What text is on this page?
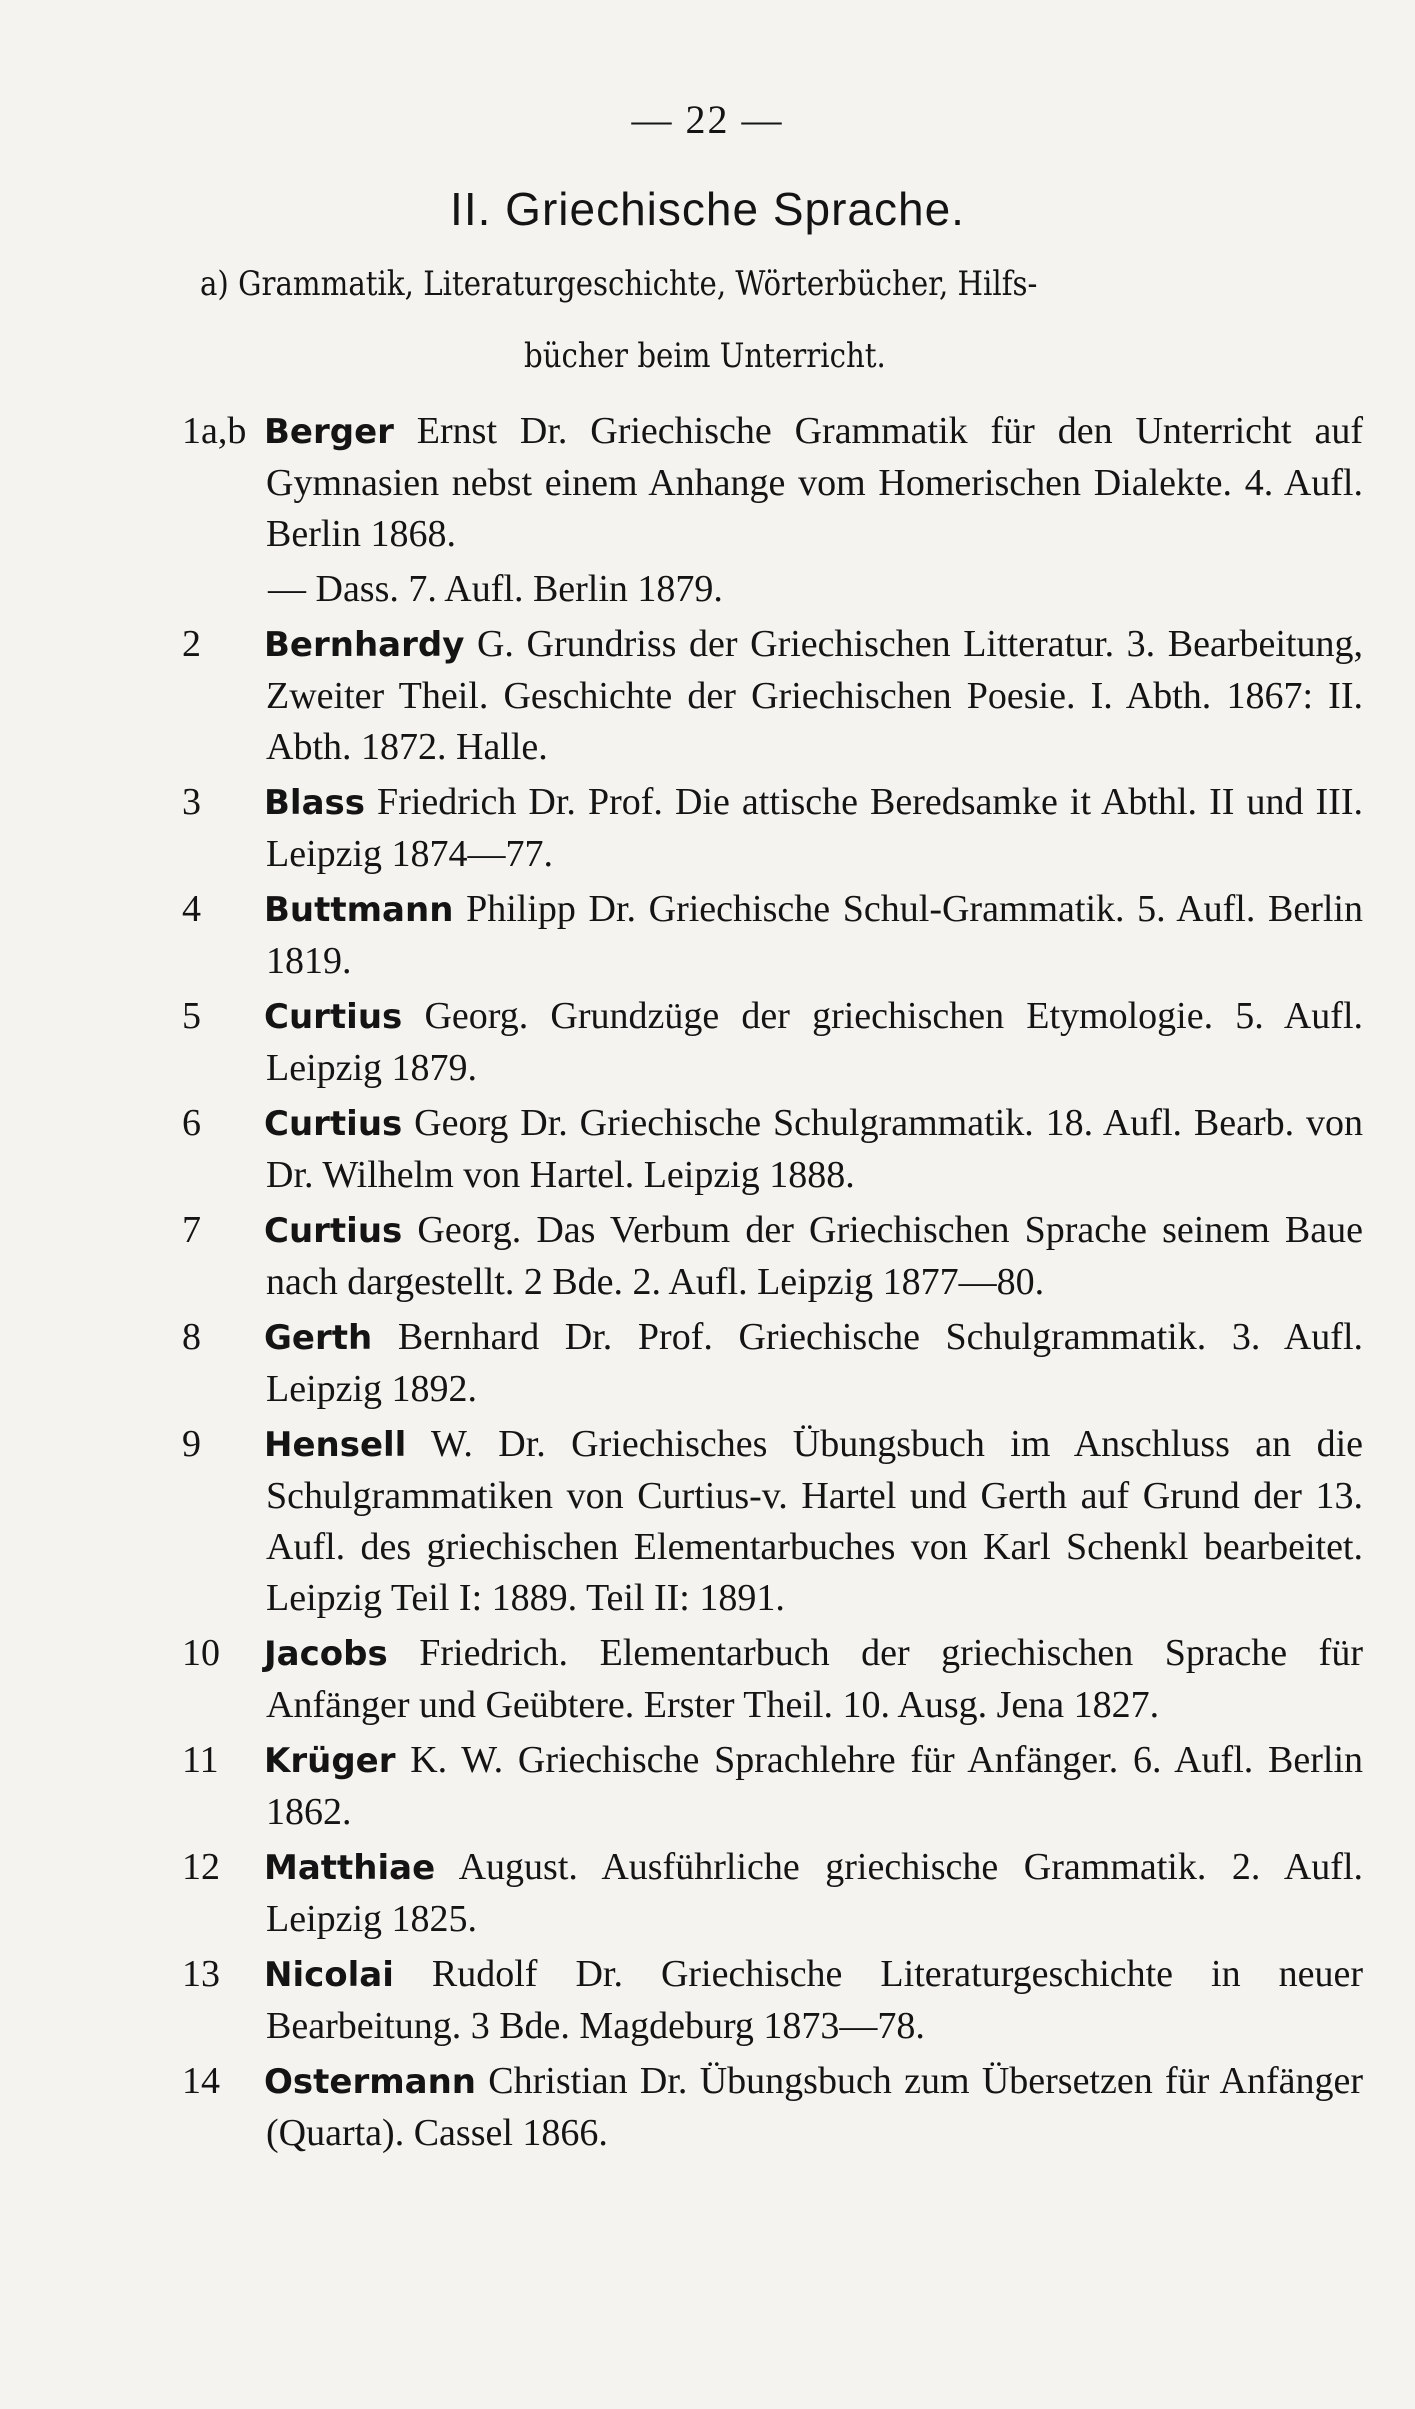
— 22 —
II. Griechische Sprache.
a) Grammatik, Literaturgeschichte, Wörterbücher, Hilfs-
bücher beim Unterricht.
1a,b Berger Ernst Dr. Griechische Grammatik für den Unterricht auf Gymnasien nebst einem Anhange vom Homerischen Dialekte. 4. Aufl. Berlin 1868.
— Dass. 7. Aufl. Berlin 1879.
2	Bernhardy G. Grundriss der Griechischen Litteratur. 3. Bearbeitung, Zweiter Theil. Geschichte der Griechischen Poesie. I. Abth. 1867: II. Abth. 1872. Halle.
3	Blass Friedrich Dr. Prof. Die attische Beredsamke it Abthl. II und III. Leipzig 1874—77.
4	Buttmann Philipp Dr. Griechische Schul-Grammatik. 5. Aufl. Berlin 1819.
5	Curtius Georg. Grundzüge der griechischen Etymologie. 5. Aufl. Leipzig 1879.
6	Curtius Georg Dr. Griechische Schulgrammatik. 18. Aufl. Bearb. von Dr. Wilhelm von Hartel. Leipzig 1888.
7	Curtius Georg. Das Verbum der Griechischen Sprache seinem Baue nach dargestellt. 2 Bde. 2. Aufl. Leipzig 1877—80.
8	Gerth Bernhard Dr. Prof. Griechische Schulgrammatik. 3. Aufl. Leipzig 1892.
9	Hensell W. Dr. Griechisches Übungsbuch im Anschluss an die Schulgrammatiken von Curtius-v. Hartel und Gerth auf Grund der 13. Aufl. des griechischen Elementarbuches von Karl Schenkl bearbeitet. Leipzig Teil I: 1889. Teil II: 1891.
10	Jacobs Friedrich. Elementarbuch der griechischen Sprache für Anfänger und Geübtere. Erster Theil. 10. Ausg. Jena 1827.
11	Krüger K. W. Griechische Sprachlehre für Anfänger. 6. Aufl. Berlin 1862.
12	Matthiae August. Ausführliche griechische Grammatik. 2. Aufl. Leipzig 1825.
13	Nicolai Rudolf Dr. Griechische Literaturgeschichte in neuer Bearbeitung. 3 Bde. Magdeburg 1873—78.
14	Ostermann Christian Dr. Übungsbuch zum Übersetzen für Anfänger (Quarta). Cassel 1866.
